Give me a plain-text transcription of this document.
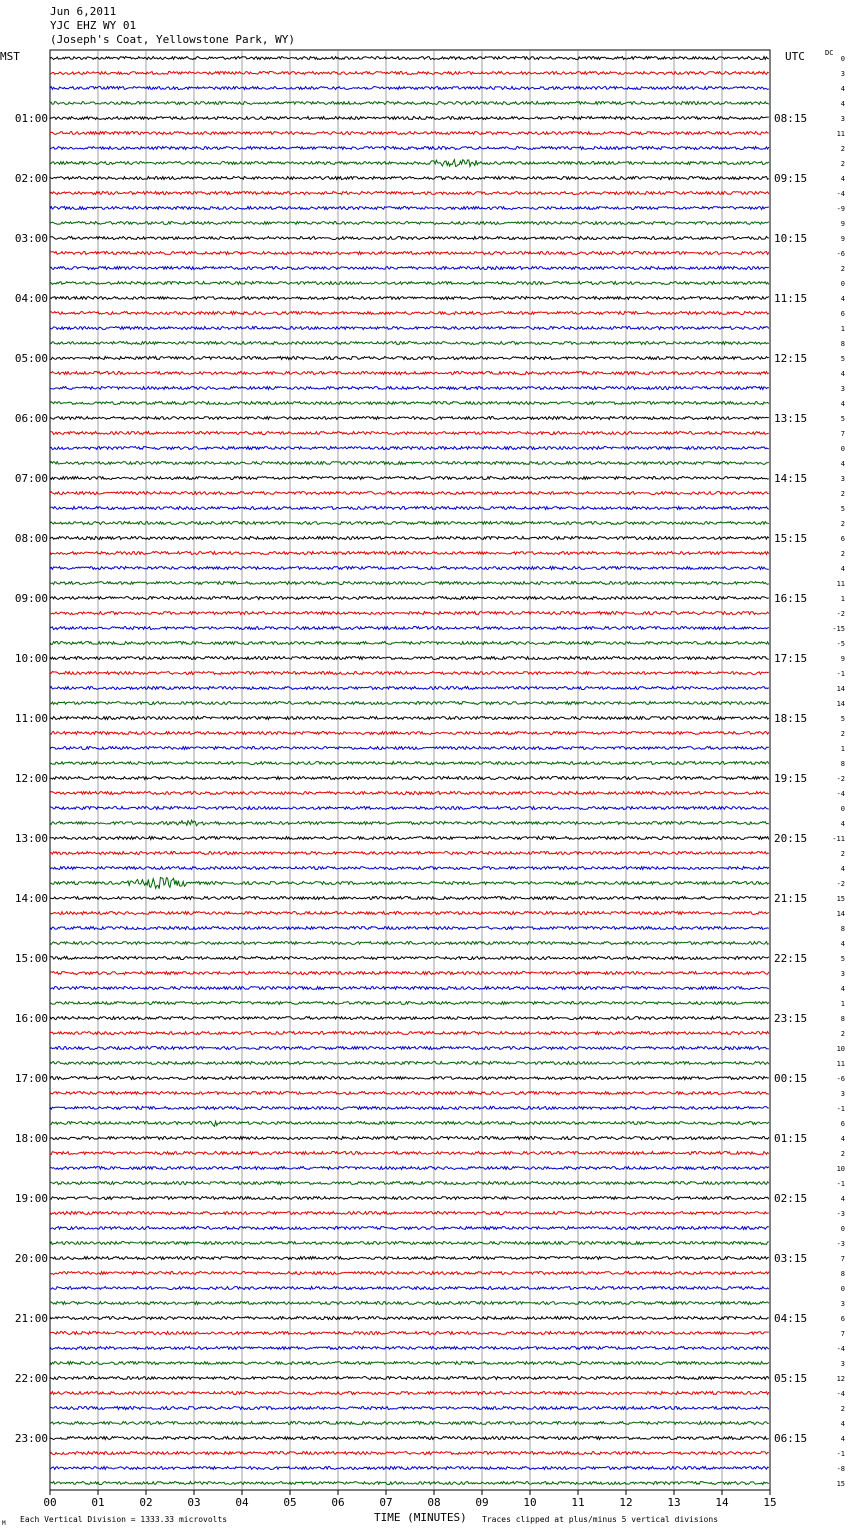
Jun 6,2011
YJC EHZ WY 01
(Joseph's Coat, Yellowstone Park, WY)
MST	UTC	DC
00	01	02	03	04	05	06	07	08	09	10	11	12	13	14	15
0
3
4
4
3
01:00	08:15
11
2
2
4
02:00	09:15
-4
-9
9
9
03:00	10:15
-6
2
0
4
04:00	11:15
6
1
8
5
05:00	12:15
4
3
4
5
06:00	13:15
7
0
4
3
07:00	14:15
2
5
2
6
08:00	15:15
2
4
11
1
09:00	16:15
-2
-15
-5
9
10:00	17:15
-1
14
14
5
11:00	18:15
2
1
8
-2
12:00	19:15
-4
0
4
-11
13:00	20:15
2
4
-2
15
14:00	21:15
14
8
4
5
15:00	22:15
3
4
1
8
16:00	23:15
2
10
11
-6
17:00	00:15
3
-1
6
4
18:00	01:15
2
10
-1
4
19:00	02:15
-3
0
-3
7
20:00	03:15
8
0
3
6
21:00	04:15
7
-4
3
12
22:00	05:15
-4
2
4
4
23:00	06:15
-1
-8
15
M Each Vertical Division = 1333.33 microvolts	TIME (MINUTES) Traces clipped at plus/minus 5 vertical divisions
